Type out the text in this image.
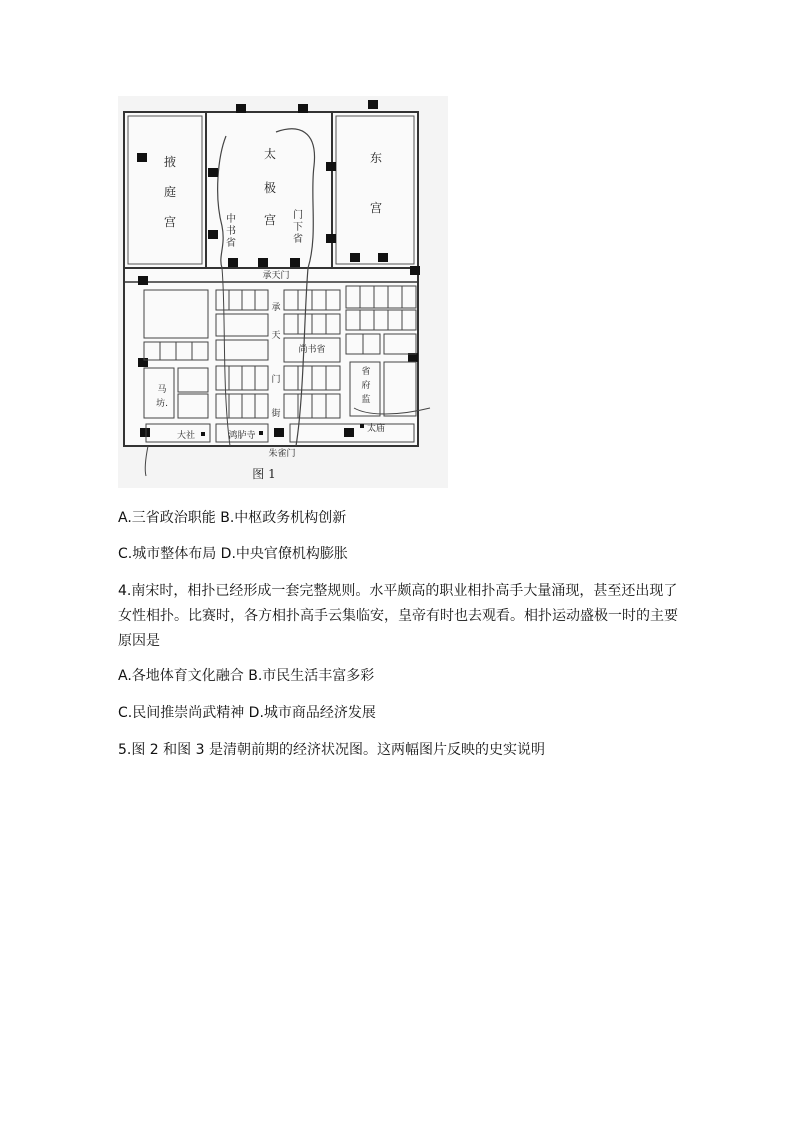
掖
庭
宫
太
极
宫
东
宫
中
书
省
门
下
省
承天门
承
天
门
街
尚书省
马
坊.
省
府
监
大社	鸿胪寺
太庙
朱雀门
图 1
A.三省政治职能 B.中枢政务机构创新
C.城市整体布局 D.中央官僚机构膨胀
4.南宋时，相扑已经形成一套完整规则。水平颇高的职业相扑高手大量涌现，甚至还出现了女性相扑。比赛时，各方相扑高手云集临安，皇帝有时也去观看。相扑运动盛极一时的主要原因是
A.各地体育文化融合 B.市民生活丰富多彩
C.民间推崇尚武精神 D.城市商品经济发展
5.图 2 和图 3 是清朝前期的经济状况图。这两幅图片反映的史实说明
